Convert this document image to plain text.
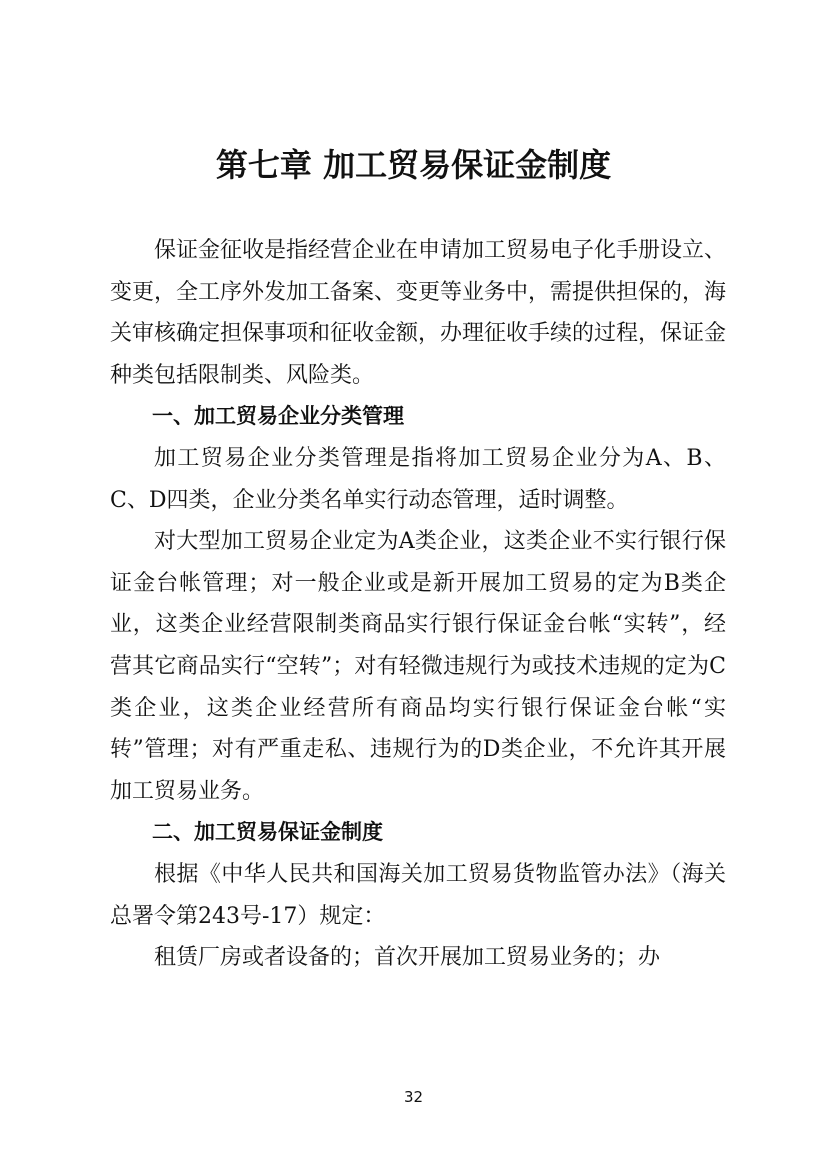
第七章 加工贸易保证金制度

保证金征收是指经营企业在申请加工贸易电子化手册设立、变更，全工序外发加工备案、变更等业务中，需提供担保的，海关审核确定担保事项和征收金额，办理征收手续的过程，保证金种类包括限制类、风险类。

一、加工贸易企业分类管理

加工贸易企业分类管理是指将加工贸易企业分为A、B、C、D四类，企业分类名单实行动态管理，适时调整。

对大型加工贸易企业定为A类企业，这类企业不实行银行保证金台帐管理；对一般企业或是新开展加工贸易的定为B类企业，这类企业经营限制类商品实行银行保证金台帐“实转”，经营其它商品实行“空转”；对有轻微违规行为或技术违规的定为C类企业，这类企业经营所有商品均实行银行保证金台帐“实转”管理；对有严重走私、违规行为的D类企业，不允许其开展加工贸易业务。

二、加工贸易保证金制度

根据《中华人民共和国海关加工贸易货物监管办法》（海关总署令第243号-17）规定：

租赁厂房或者设备的；首次开展加工贸易业务的；办

32
